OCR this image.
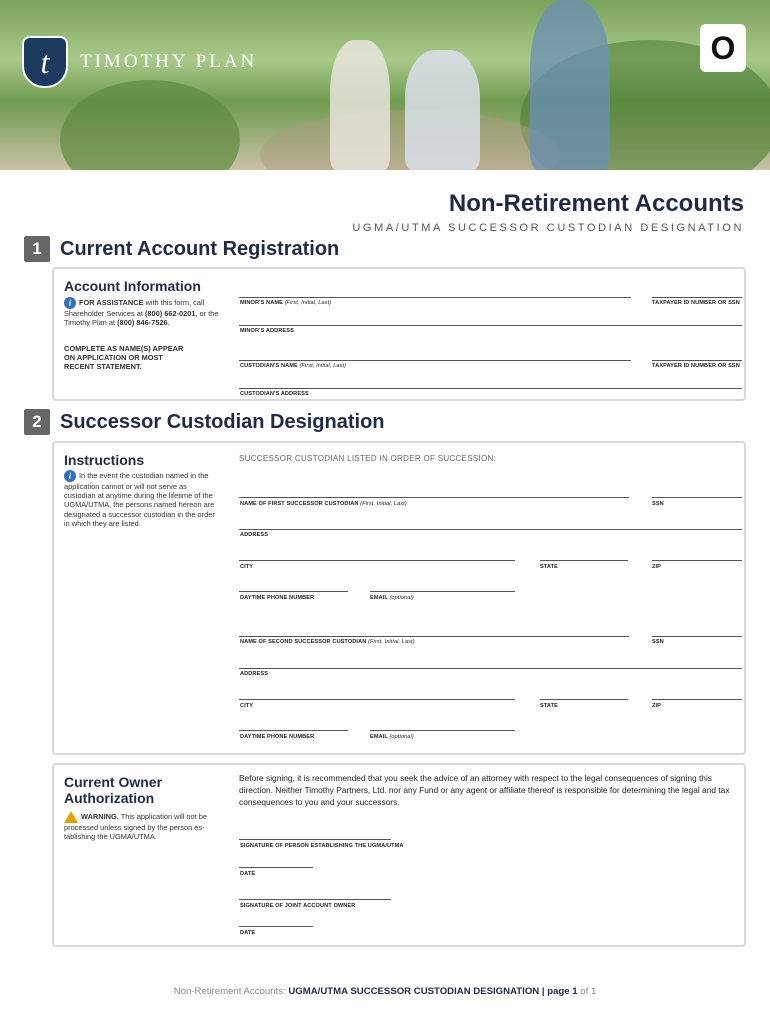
t	TIMOTHY PLAN	O
Non-Retirement Accounts
UGMA/UTMA SUCCESSOR CUSTODIAN DESIGNATION
1 Current Account Registration
Account Information
i FOR ASSISTANCE with this form, call Shareholder Services at (800) 662-0201, or the Timothy Plan at (800) 846-7526.
COMPLETE AS NAME(S) APPEAR ON APPLICATION OR MOST RECENT STATEMENT.
MINOR'S NAME (First, Initial, Last)	TAXPAYER ID NUMBER OR SSN
MINOR'S ADDRESS
CUSTODIAN'S NAME (First, Initial, Last)	TAXPAYER ID NUMBER OR SSN
CUSTODIAN'S ADDRESS
2 Successor Custodian Designation
Instructions
i In the event the custodian named in the application cannot or will not serve as custodian at anytime during the lifetime of the UGMA/UTMA, the persons named hereon are designated a successor custodian in the order in which they are listed.
SUCCESSOR CUSTODIAN LISTED IN ORDER OF SUCCESSION:
NAME OF FIRST SUCCESSOR CUSTODIAN (First, Initial, Last)	SSN
ADDRESS
CITY	STATE	ZIP
DAYTIME PHONE NUMBER	EMAIL (optional)
NAME OF SECOND SUCCESSOR CUSTODIAN (First, Initial, Last)	SSN
ADDRESS
CITY	STATE	ZIP
DAYTIME PHONE NUMBER	EMAIL (optional)
Current Owner Authorization
WARNING. This application will not be processed unless signed by the person es-tablishing the UGMA/UTMA.
Before signing, it is recommended that you seek the advice of an attorney with respect to the legal consequences of signing this direction. Neither Timothy Partners, Ltd. nor any Fund or any agent or affiliate thereof is responsible for determining the legal and tax consequences to you and your successors.
SIGNATURE OF PERSON ESTABLISHING THE UGMA/UTMA
DATE
SIGNATURE OF JOINT ACCOUNT OWNER
DATE
Non-Retirement Accounts: UGMA/UTMA SUCCESSOR CUSTODIAN DESIGNATION | page 1 of 1
